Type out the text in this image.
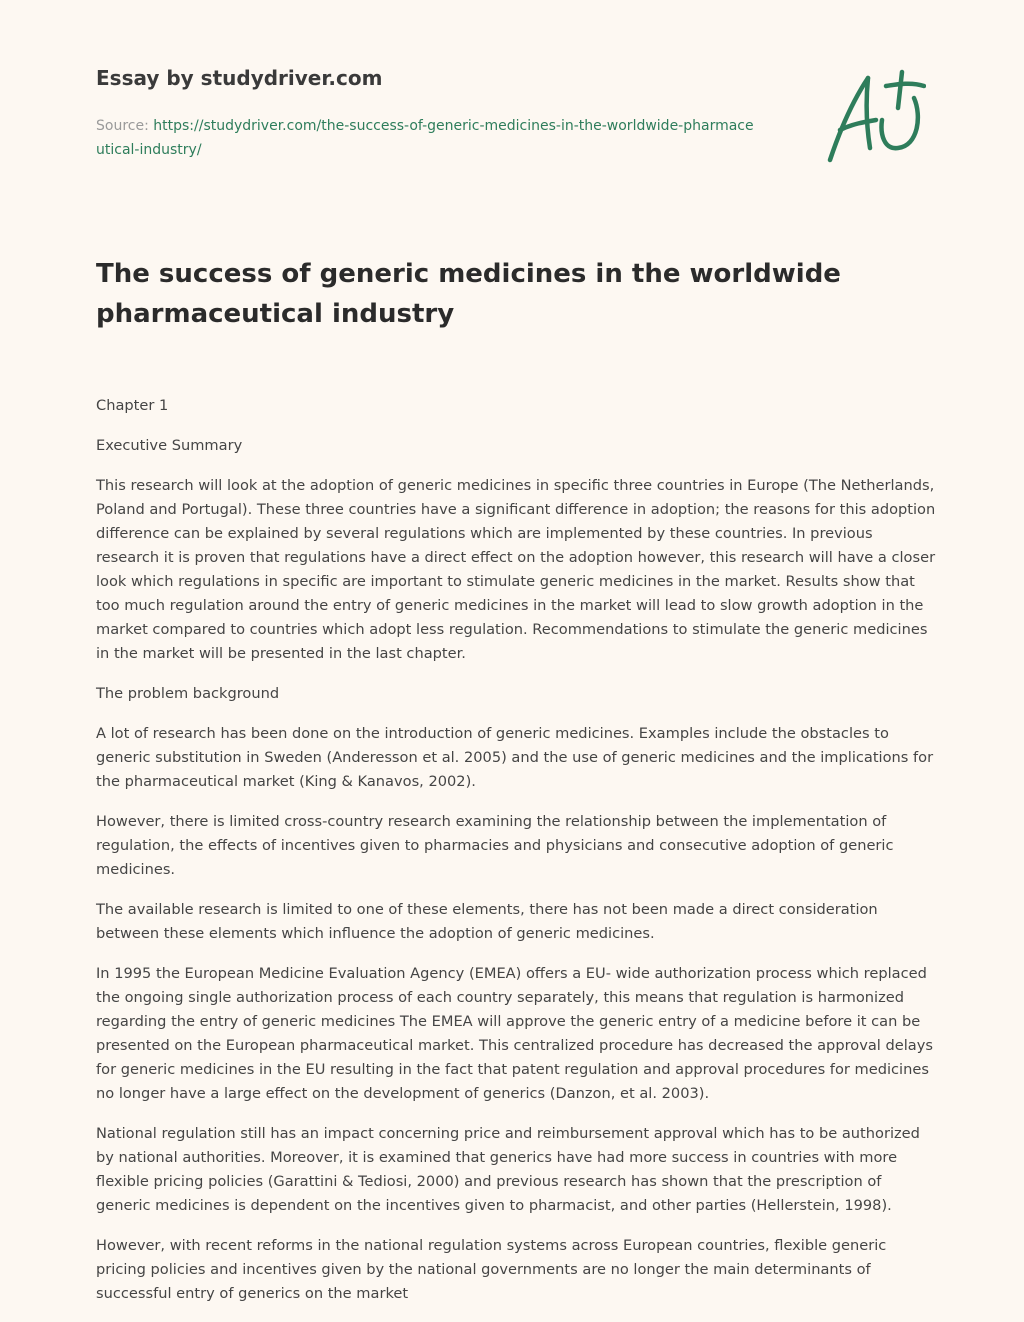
Essay by studydriver.com
Source: https://studydriver.com/the-success-of-generic-medicines-in-the-worldwide-pharmaceutical-industry/
The success of generic medicines in the worldwide pharmaceutical industry

Chapter 1

Executive Summary

This research will look at the adoption of generic medicines in specific three countries in Europe (The Netherlands, Poland and Portugal). These three countries have a significant difference in adoption; the reasons for this adoption difference can be explained by several regulations which are implemented by these countries. In previous research it is proven that regulations have a direct effect on the adoption however, this research will have a closer look which regulations in specific are important to stimulate generic medicines in the market. Results show that too much regulation around the entry of generic medicines in the market will lead to slow growth adoption in the market compared to countries which adopt less regulation. Recommendations to stimulate the generic medicines in the market will be presented in the last chapter.

The problem background

A lot of research has been done on the introduction of generic medicines. Examples include the obstacles to generic substitution in Sweden (Anderesson et al. 2005) and the use of generic medicines and the implications for the pharmaceutical market (King & Kanavos, 2002).

However, there is limited cross-country research examining the relationship between the implementation of regulation, the effects of incentives given to pharmacies and physicians and consecutive adoption of generic medicines.

The available research is limited to one of these elements, there has not been made a direct consideration between these elements which influence the adoption of generic medicines.

In 1995 the European Medicine Evaluation Agency (EMEA) offers a EU- wide authorization process which replaced the ongoing single authorization process of each country separately, this means that regulation is harmonized regarding the entry of generic medicines The EMEA will approve the generic entry of a medicine before it can be presented on the European pharmaceutical market. This centralized procedure has decreased the approval delays for generic medicines in the EU resulting in the fact that patent regulation and approval procedures for medicines no longer have a large effect on the development of generics (Danzon, et al. 2003).

National regulation still has an impact concerning price and reimbursement approval which has to be authorized by national authorities. Moreover, it is examined that generics have had more success in countries with more flexible pricing policies (Garattini & Tediosi, 2000) and previous research has shown that the prescription of generic medicines is dependent on the incentives given to pharmacist, and other parties (Hellerstein, 1998).

However, with recent reforms in the national regulation systems across European countries, flexible generic pricing policies and incentives given by the national governments are no longer the main determinants of successful entry of generics on the market
